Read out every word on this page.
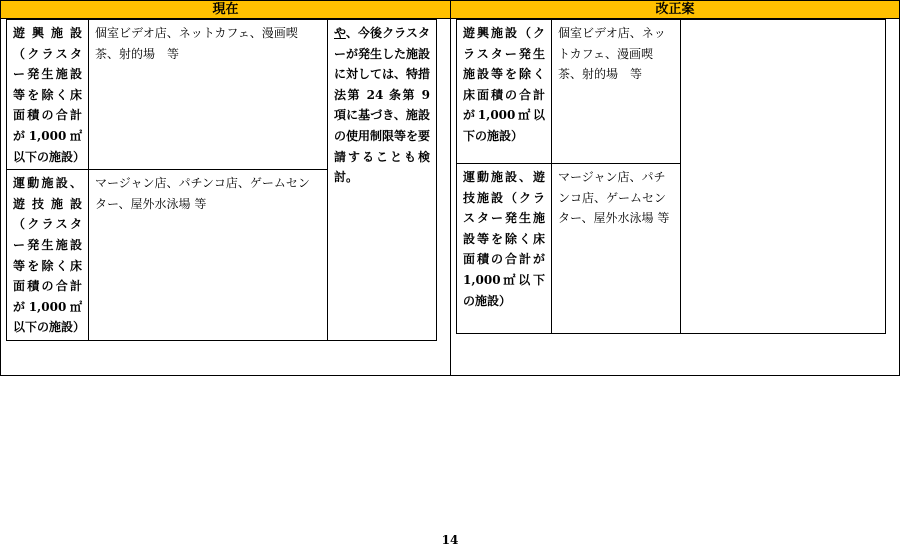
現在	改正案
遊興施設（クラスター発生施設等を除く床面積の合計が1,000㎡以下の施設）	個室ビデオ店、ネットカフェ、漫画喫茶、射的場　等	や、今後クラスターが発生した施設に対しては、特措法第 24 条第 9 項に基づき、施設の使用制限等を要請することも検討。
運動施設、遊技施設（クラスター発生施設等を除く床面積の合計が1,000㎡以下の施設）	マージャン店、パチンコ店、ゲームセンター、屋外水泳場 等	
遊興施設（クラスター発生施設等を除く床面積の合計が1,000㎡以下の施設）	個室ビデオ店、ネットカフェ、漫画喫茶、射的場　等	
運動施設、遊技施設（クラスター発生施設等を除く床面積の合計が1,000㎡以下の施設）	マージャン店、パチンコ店、ゲームセンター、屋外水泳場 等	
14
